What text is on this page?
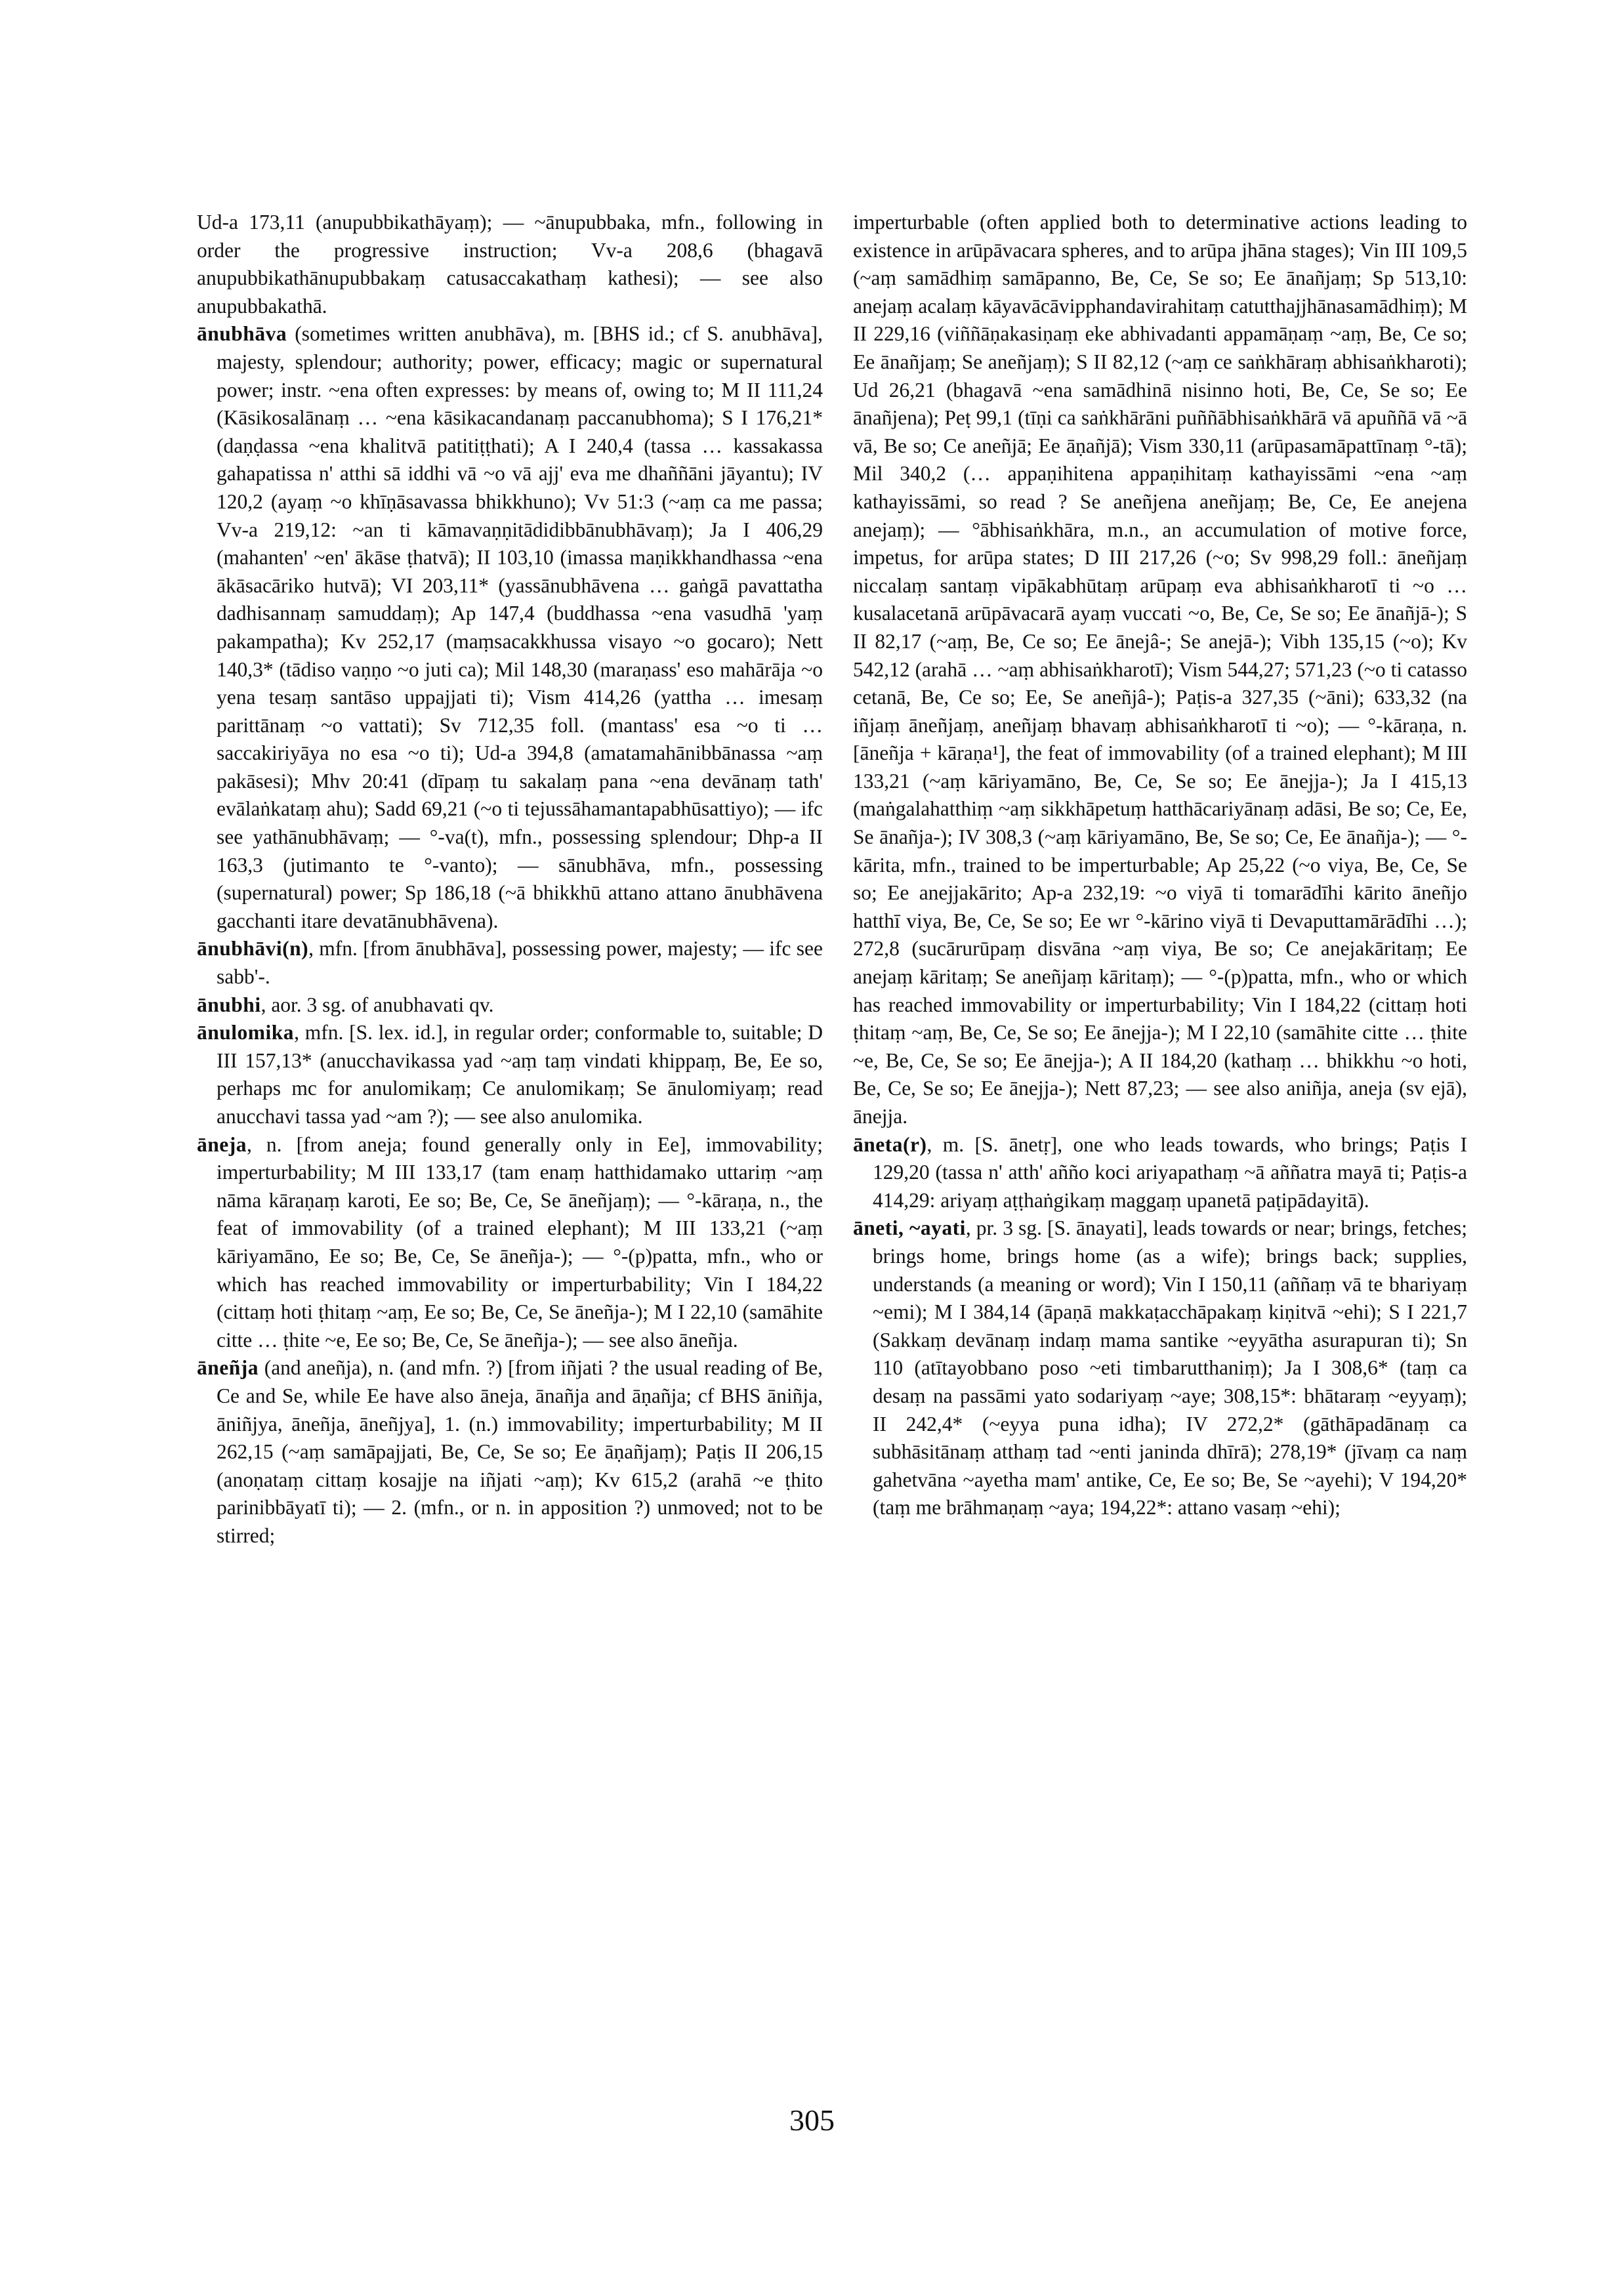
Ud-a 173,11 (anupubbikathāyaṃ); — ~ānupubbaka, mfn., following in order the progressive instruction; Vv-a 208,6 (bhagavā anupubbikathānupubbakaṃ catusaccakathaṃ kathesi); — see also anupubbakathā.

ānubhāva (sometimes written anubhāva), m. [BHS id.; cf S. anubhāva], majesty, splendour; authority; power, efficacy; magic or supernatural power; instr. ~ena often expresses: by means of, owing to; M II 111,24 (Kāsikosalānaṃ … ~ena kāsikacandanaṃ paccanubhoma); S I 176,21* (daṇḍassa ~ena khalitvā patitiṭṭhati); A I 240,4 (tassa … kassakassa gahapatissa n' atthi sā iddhi vā ~o vā ajj' eva me dhaññāni jāyantu); IV 120,2 (ayaṃ ~o khīṇāsavassa bhikkhuno); Vv 51:3 (~aṃ ca me passa; Vv-a 219,12: ~an ti kāmavaṇṇitādidibbānubhāvaṃ); Ja I 406,29 (mahanten' ~en' ākāse ṭhatvā); II 103,10 (imassa maṇikkhandhassa ~ena ākāsacāriko hutvā); VI 203,11* (yassānubhāvena … gaṅgā pavattatha dadhisannaṃ samuddaṃ); Ap 147,4 (buddhassa ~ena vasudhā 'yaṃ pakampatha); Kv 252,17 (maṃsacakkhussa visayo ~o gocaro); Nett 140,3* (tādiso vaṇṇo ~o juti ca); Mil 148,30 (maraṇass' eso mahārāja ~o yena tesaṃ santāso uppajjati ti); Vism 414,26 (yattha … imesaṃ parittānaṃ ~o vattati); Sv 712,35 foll. (mantass' esa ~o ti … saccakiriyāya no esa ~o ti); Ud-a 394,8 (amatamahānibbānassa ~aṃ pakāsesi); Mhv 20:41 (dīpaṃ tu sakalaṃ pana ~ena devānaṃ tath' evālaṅkataṃ ahu); Sadd 69,21 (~o ti tejussāhamantapabhūsattiyo); — ifc see yathānubhāvaṃ; — °-va(t), mfn., possessing splendour; Dhp-a II 163,3 (jutimanto te °-vanto); — sānubhāva, mfn., possessing (supernatural) power; Sp 186,18 (~ā bhikkhū attano attano ānubhāvena gacchanti itare devatānubhāvena).

ānubhāvi(n), mfn. [from ānubhāva], possessing power, majesty; — ifc see sabb'-.

ānubhi, aor. 3 sg. of anubhavati qv.

ānulomika, mfn. [S. lex. id.], in regular order; conformable to, suitable; D III 157,13* (anucchavikassa yad ~aṃ taṃ vindati khippaṃ, Be, Ee so, perhaps mc for anulomikaṃ; Ce anulomikaṃ; Se ānulomiyaṃ; read anucchavi tassa yad ~am ?); — see also anulomika.

āneja, n. [from aneja; found generally only in Ee], immovability; imperturbability; M III 133,17 (tam enaṃ hatthidamako uttariṃ ~aṃ nāma kāraṇaṃ karoti, Ee so; Be, Ce, Se āneñjaṃ); — °-kāraṇa, n., the feat of immovability (of a trained elephant); M III 133,21 (~aṃ kāriyamāno, Ee so; Be, Ce, Se āneñja-); — °-(p)patta, mfn., who or which has reached immovability or imperturbability; Vin I 184,22 (cittaṃ hoti ṭhitaṃ ~aṃ, Ee so; Be, Ce, Se āneñja-); M I 22,10 (samāhite citte … ṭhite ~e, Ee so; Be, Ce, Se āneñja-); — see also āneñja.

āneñja (and aneñja), n. (and mfn. ?) [from iñjati ? the usual reading of Be, Ce and Se, while Ee have also āneja, ānañja and āṇañja; cf BHS āniñja, āniñjya, āneñja, āneñjya], 1. (n.) immovability; imperturbability; M II 262,15 (~aṃ samāpajjati, Be, Ce, Se so; Ee āṇañjaṃ); Paṭis II 206,15 (anoṇataṃ cittaṃ kosajje na iñjati ~aṃ); Kv 615,2 (arahā ~e ṭhito parinibbāyatī ti); — 2. (mfn., or n. in apposition ?) unmoved; not to be stirred;

imperturbable (often applied both to determinative actions leading to existence in arūpāvacara spheres, and to arūpa jhāna stages); Vin III 109,5 (~aṃ samādhiṃ samāpanno, Be, Ce, Se so; Ee ānañjaṃ; Sp 513,10: anejaṃ acalaṃ kāyavācāvipphandavirahitaṃ catutthajjhānasamādhiṃ); M II 229,16 (viññāṇakasiṇaṃ eke abhivadanti appamāṇaṃ ~aṃ, Be, Ce so; Ee ānañjaṃ; Se aneñjaṃ); S II 82,12 (~aṃ ce saṅkhāraṃ abhisaṅkharoti); Ud 26,21 (bhagavā ~ena samādhinā nisinno hoti, Be, Ce, Se so; Ee ānañjena); Peṭ 99,1 (tīṇi ca saṅkhārāni puññābhisaṅkhārā vā apuññā vā ~ā vā, Be so; Ce aneñjā; Ee āṇañjā); Vism 330,11 (arūpasamāpattīnaṃ °-tā); Mil 340,2 (… appaṇihitena appaṇihitaṃ kathayissāmi ~ena ~aṃ kathayissāmi, so read ? Se aneñjena aneñjaṃ; Be, Ce, Ee anejena anejaṃ); — °ābhisaṅkhāra, m.n., an accumulation of motive force, impetus, for arūpa states; D III 217,26 (~o; Sv 998,29 foll.: āneñjaṃ niccalaṃ santaṃ vipākabhūtaṃ arūpaṃ eva abhisaṅkharotī ti ~o … kusalacetanā arūpāvacarā ayaṃ vuccati ~o, Be, Ce, Se so; Ee ānañjā-); S II 82,17 (~aṃ, Be, Ce so; Ee ānejâ-; Se anejā-); Vibh 135,15 (~o); Kv 542,12 (arahā … ~aṃ abhisaṅkharotī); Vism 544,27; 571,23 (~o ti catasso cetanā, Be, Ce so; Ee, Se aneñjâ-); Paṭis-a 327,35 (~āni); 633,32 (na iñjaṃ āneñjaṃ, aneñjaṃ bhavaṃ abhisaṅkharotī ti ~o); — °-kāraṇa, n. [āneñja + kāraṇa¹], the feat of immovability (of a trained elephant); M III 133,21 (~aṃ kāriyamāno, Be, Ce, Se so; Ee ānejja-); Ja I 415,13 (maṅgalahatthiṃ ~aṃ sikkhāpetuṃ hatthācariyānaṃ adāsi, Be so; Ce, Ee, Se ānañja-); IV 308,3 (~aṃ kāriyamāno, Be, Se so; Ce, Ee ānañja-); — °-kārita, mfn., trained to be imperturbable; Ap 25,22 (~o viya, Be, Ce, Se so; Ee anejjakārito; Ap-a 232,19: ~o viyā ti tomarādīhi kārito āneñjo hatthī viya, Be, Ce, Se so; Ee wr °-kārino viyā ti Devaputtamārādīhi …); 272,8 (sucārurūpaṃ disvāna ~aṃ viya, Be so; Ce anejakāritaṃ; Ee anejaṃ kāritaṃ; Se aneñjaṃ kāritaṃ); — °-(p)patta, mfn., who or which has reached immovability or imperturbability; Vin I 184,22 (cittaṃ hoti ṭhitaṃ ~aṃ, Be, Ce, Se so; Ee ānejja-); M I 22,10 (samāhite citte … ṭhite ~e, Be, Ce, Se so; Ee ānejja-); A II 184,20 (kathaṃ … bhikkhu ~o hoti, Be, Ce, Se so; Ee ānejja-); Nett 87,23; — see also aniñja, aneja (sv ejā), ānejja.

āneta(r), m. [S. ānetṛ], one who leads towards, who brings; Paṭis I 129,20 (tassa n' atth' añño koci ariyapathaṃ ~ā aññatra mayā ti; Paṭis-a 414,29: ariyaṃ aṭṭhaṅgikaṃ maggaṃ upanetā paṭipādayitā).

āneti, ~ayati, pr. 3 sg. [S. ānayati], leads towards or near; brings, fetches; brings home, brings home (as a wife); brings back; supplies, understands (a meaning or word); Vin I 150,11 (aññaṃ vā te bhariyaṃ ~emi); M I 384,14 (āpaṇā makkaṭacchāpakaṃ kiṇitvā ~ehi); S I 221,7 (Sakkaṃ devānaṃ indaṃ mama santike ~eyyātha asurapuran ti); Sn 110 (atītayobbano poso ~eti timbarutthaniṃ); Ja I 308,6* (taṃ ca desaṃ na passāmi yato sodariyaṃ ~aye; 308,15*: bhātaraṃ ~eyyaṃ); II 242,4* (~eyya puna idha); IV 272,2* (gāthāpadānaṃ ca subhāsitānaṃ atthaṃ tad ~enti janinda dhīrā); 278,19* (jīvaṃ ca naṃ gahetvāna ~ayetha mam' antike, Ce, Ee so; Be, Se ~ayehi); V 194,20* (taṃ me brāhmaṇaṃ ~aya; 194,22*: attano vasaṃ ~ehi);

305
